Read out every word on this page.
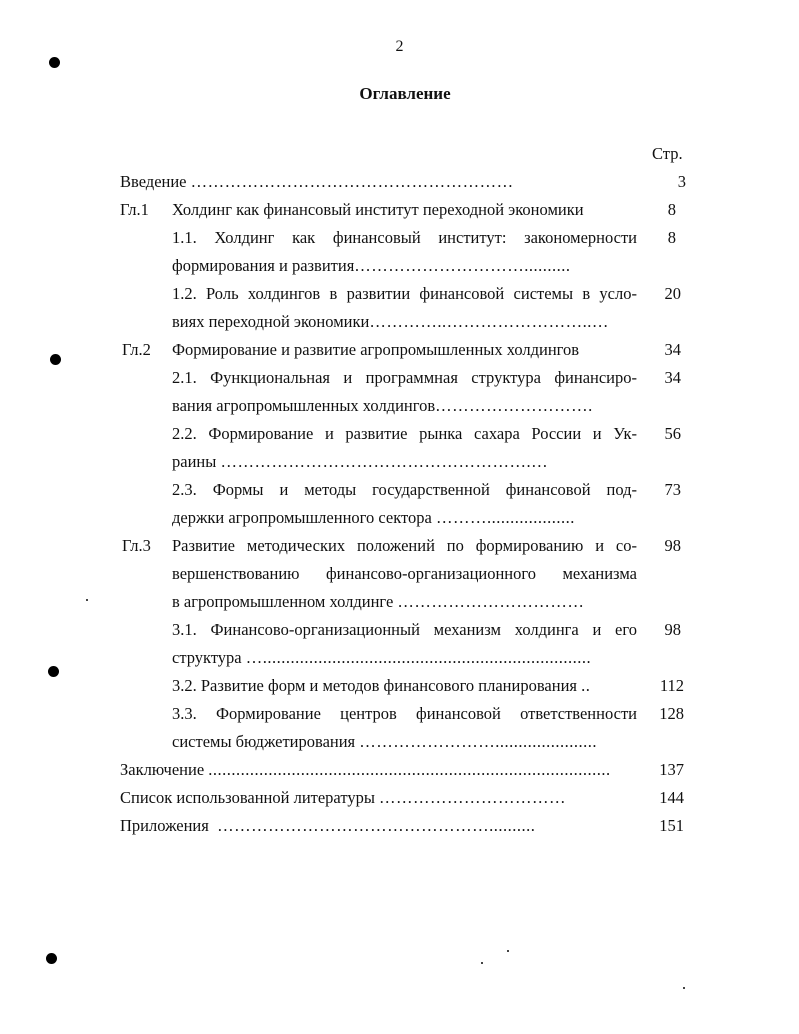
2
Оглавление
Стр.
Введение …………………………………………………	3
Гл.1 Холдинг как финансовый институт переходной экономики	8
1.1. Холдинг как финансовый институт: закономерности	8
формирования и развития…………………………..........
1.2. Роль холдингов в развитии финансовой системы в усло-	20
виях переходной экономики…………..……………………..…
Гл.2 Формирование и развитие агропромышленных холдингов	34
2.1. Функциональная и программная структура финансиро-	34
вания агропромышленных холдингов……………………….
2.2. Формирование и развитие рынка сахара России и Ук-	56
раины ……………………………………………….…
2.3. Формы и методы государственной финансовой под-	73
держки агропромышленного сектора ………...................
Гл.3 Развитие методических положений по формированию и со-	98
вершенствованию финансово-организационного механизма
в агропромышленном холдинге ……………………………
3.1. Финансово-организационный механизм холдинга и его	98
структура ….......................................................................
3.2. Развитие форм и методов финансового планирования ..	112
3.3. Формирование центров финансовой ответственности	128
системы бюджетирования ……………………......................
Заключение .......................................................................................	137
Список использованной литературы ……………………………	144
Приложения …………………………………………..........	151
